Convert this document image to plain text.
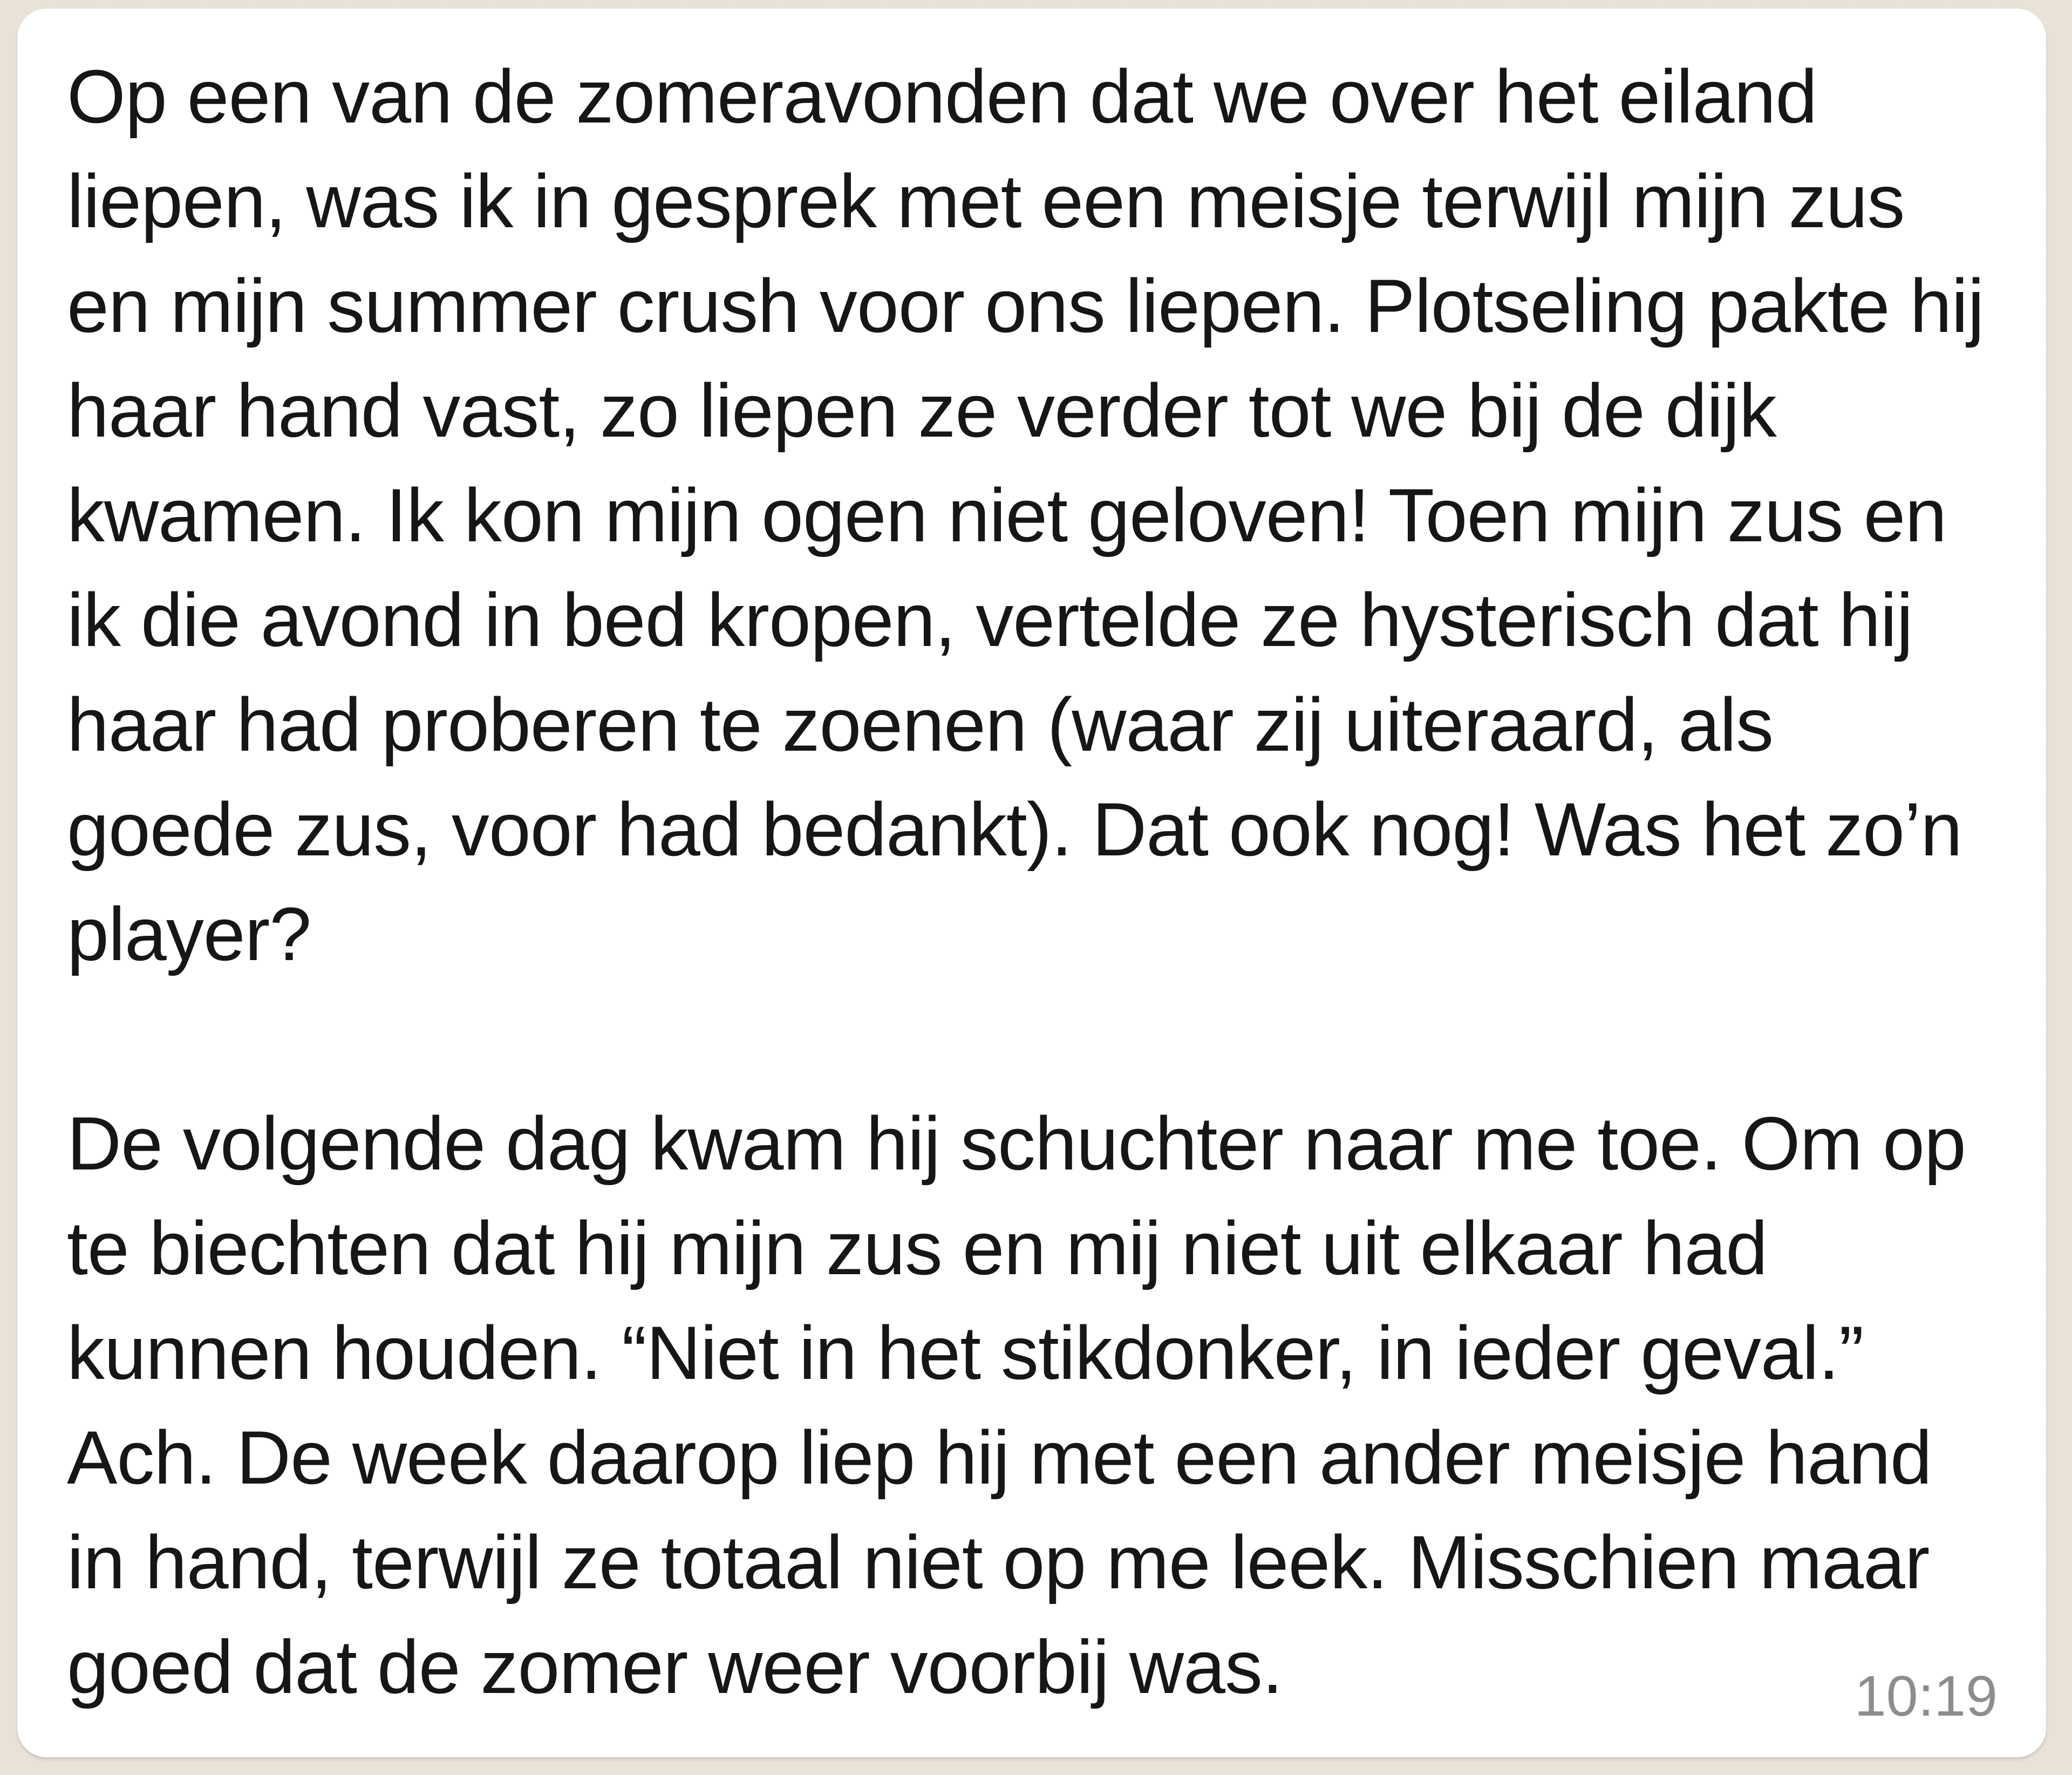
Op een van de zomeravonden dat we over het eiland
liepen, was ik in gesprek met een meisje terwijl mijn zus
en mijn summer crush voor ons liepen. Plotseling pakte hij
haar hand vast, zo liepen ze verder tot we bij de dijk
kwamen. Ik kon mijn ogen niet geloven! Toen mijn zus en
ik die avond in bed kropen, vertelde ze hysterisch dat hij
haar had proberen te zoenen (waar zij uiteraard, als
goede zus, voor had bedankt). Dat ook nog! Was het zo’n
player?

De volgende dag kwam hij schuchter naar me toe. Om op
te biechten dat hij mijn zus en mij niet uit elkaar had
kunnen houden. “Niet in het stikdonker, in ieder geval.”
Ach. De week daarop liep hij met een ander meisje hand
in hand, terwijl ze totaal niet op me leek. Misschien maar
goed dat de zomer weer voorbij was.	10:19
